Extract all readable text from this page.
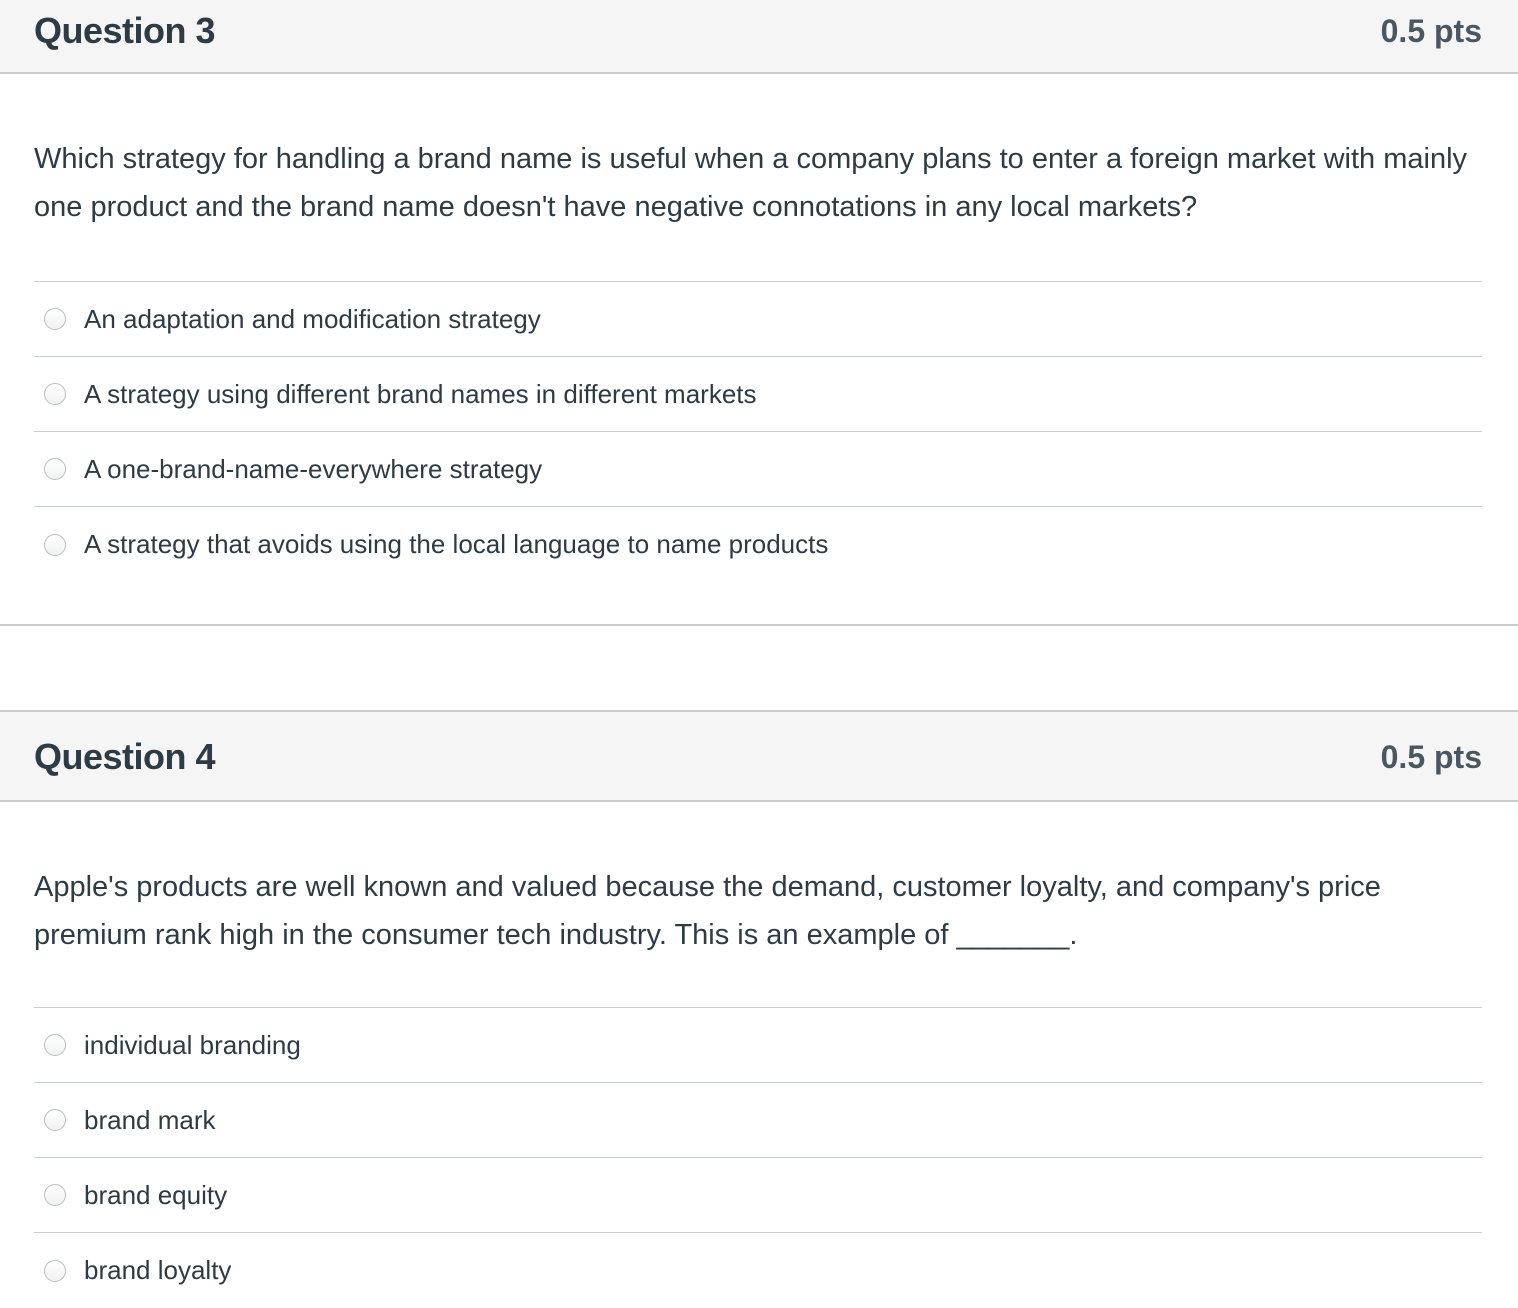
Question 3	0.5 pts

Which strategy for handling a brand name is useful when a company plans to enter a foreign market with mainly one product and the brand name doesn't have negative connotations in any local markets?

An adaptation and modification strategy
A strategy using different brand names in different markets
A one-brand-name-everywhere strategy
A strategy that avoids using the local language to name products
Question 4	0.5 pts

Apple's products are well known and valued because the demand, customer loyalty, and company's price premium rank high in the consumer tech industry. This is an example of _______.

individual branding
brand mark
brand equity
brand loyalty
